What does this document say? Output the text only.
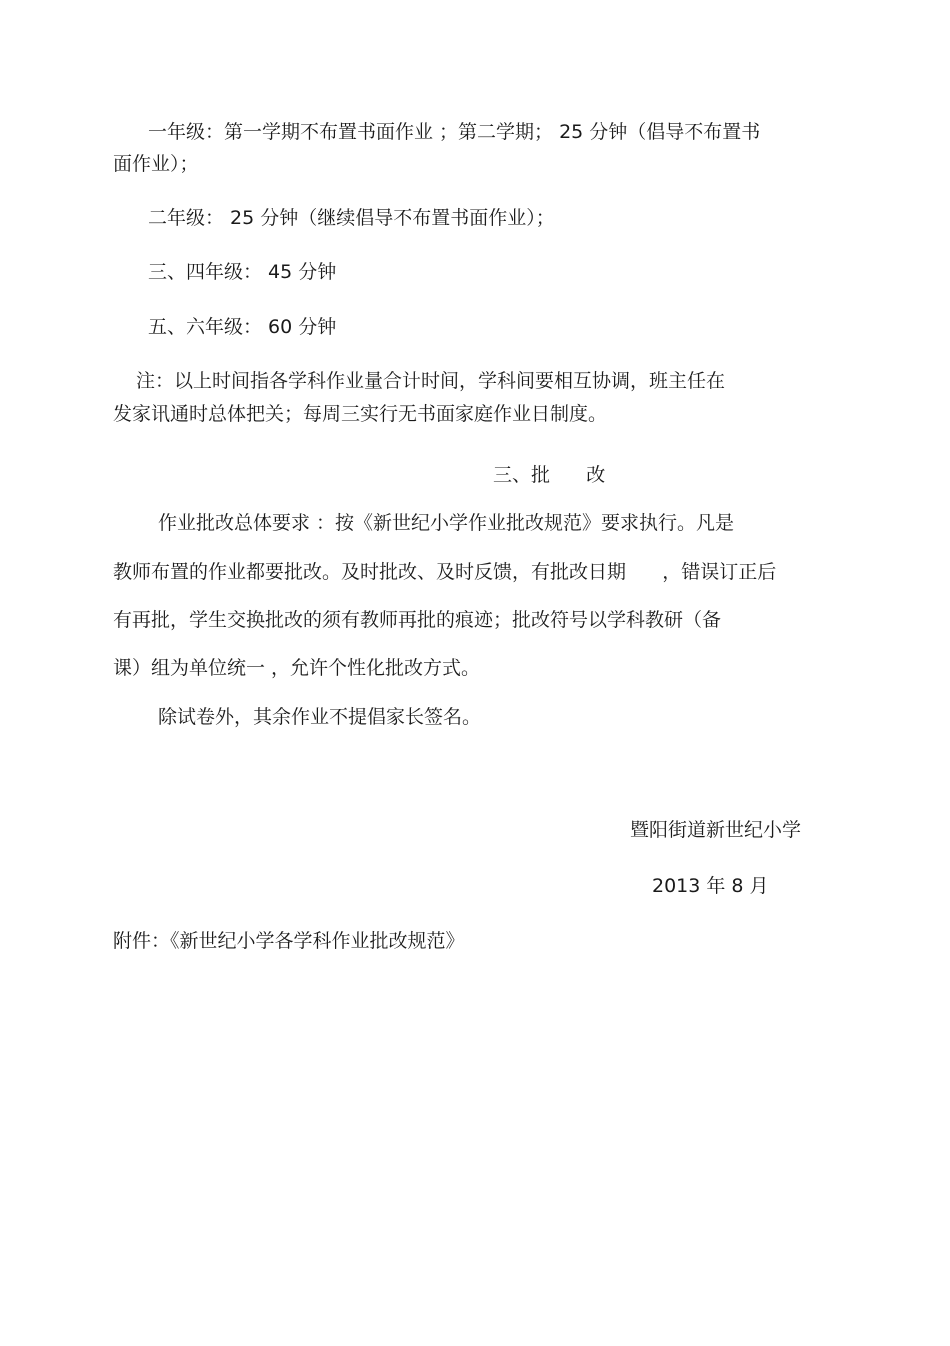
一年级：第一学期不布置书面作业 ；第二学期； 25 分钟（倡导不布置书
面作业）；
二年级： 25 分钟（继续倡导不布置书面作业）；
三、四年级： 45 分钟
五、六年级： 60 分钟
注：以上时间指各学科作业量合计时间，学科间要相互协调，班主任在
发家讯通时总体把关；每周三实行无书面家庭作业日制度。
三、批      改
作业批改总体要求 ：按《新世纪小学作业批改规范》要求执行。凡是
教师布置的作业都要批改。及时批改、及时反馈，有批改日期      ，错误订正后
有再批，学生交换批改的须有教师再批的痕迹；批改符号以学科教研（备
课）组为单位统一 ，允许个性化批改方式。
除试卷外，其余作业不提倡家长签名。
暨阳街道新世纪小学
2013 年 8 月
附件：《新世纪小学各学科作业批改规范》
